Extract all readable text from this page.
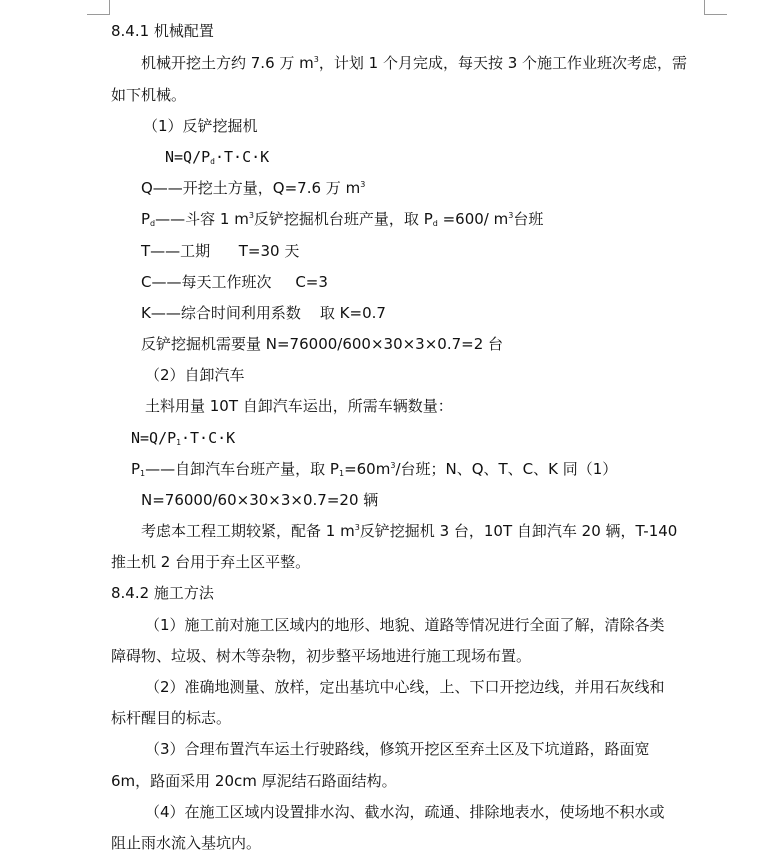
8.4.1 机械配置
机械开挖土方约 7.6 万 $m^3$，计划 1 个月完成，每天按 3 个施工作业班次考虑，需
如下机械。
（1）反铲挖掘机
$N=Q/P_d\cdot T\cdot C\cdot K$
Q——开挖土方量，Q=7.6 万 $m^3$
$P_d——$斗容 1 $m^3$反铲挖掘机台班产量，取 $P_d =600/$ $m^3$台班
T——工期      T=30 天
C——每天工作班次     C=3
K——综合时间利用系数    取 K=0.7
反铲挖掘机需要量 N=76000/600×30×3×0.7=2 台
（2）自卸汽车
土料用量 10T 自卸汽车运出，所需车辆数量：
$N=Q/P_1\cdot T\cdot C\cdot K$
$P_1——$自卸汽车台班产量，取 $P_1=60m^3/$台班；N、Q、T、C、K 同（1）
N=76000/60×30×3×0.7=20 辆
考虑本工程工期较紧，配备 1 $m^3$反铲挖掘机 3 台，10T 自卸汽车 20 辆，T-140
推土机 2 台用于弃土区平整。
8.4.2 施工方法
（1）施工前对施工区域内的地形、地貌、道路等情况进行全面了解，清除各类
障碍物、垃圾、树木等杂物，初步整平场地进行施工现场布置。
（2）准确地测量、放样，定出基坑中心线，上、下口开挖边线，并用石灰线和
标杆醒目的标志。
（3）合理布置汽车运土行驶路线，修筑开挖区至弃土区及下坑道路，路面宽
6m，路面采用 20cm 厚泥结石路面结构。
（4）在施工区域内设置排水沟、截水沟，疏通、排除地表水，使场地不积水或
阻止雨水流入基坑内。
